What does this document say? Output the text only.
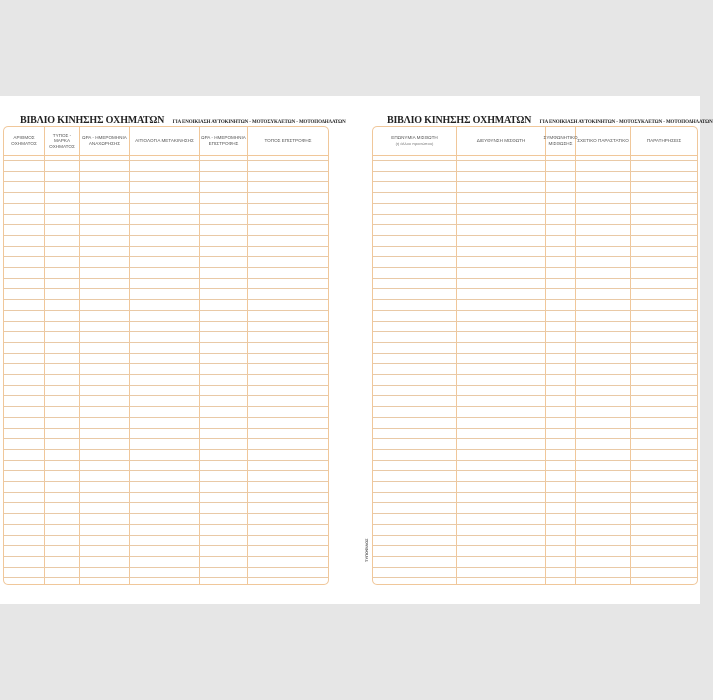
ΒΙΒΛΙΟ ΚΙΝΗΣΗΣ ΟΧΗΜΑΤΩΝ ΓΙΑ ΕΝΟΙΚΙΑΣΗ ΑΥΤΟΚΙΝΗΤΩΝ - ΜΟΤΟΣΥΚΛΕΤΩΝ - ΜΟΤΟΠΟΔΗΛΑΤΩΝ
ΑΡΙΘΜΟΣ
ΟΧΗΜΑΤΟΣ
ΤΥΠΟΣ - ΜΑΡΚΑ
ΟΧΗΜΑΤΟΣ
ΩΡΑ - ΗΜΕΡΟΜΗΝΙΑ
ΑΝΑΧΩΡΗΣΗΣ
ΑΙΤΙΟΛΟΓΙΑ ΜΕΤΑΚΙΝΗΣΗΣ
ΩΡΑ - ΗΜΕΡΟΜΗΝΙΑ
ΕΠΙΣΤΡΟΦΗΣ
ΤΟΠΟΣ ΕΠΙΣΤΡΟΦΗΣ
ΒΙΒΛΙΟ ΚΙΝΗΣΗΣ ΟΧΗΜΑΤΩΝ ΓΙΑ ΕΝΟΙΚΙΑΣΗ ΑΥΤΟΚΙΝΗΤΩΝ - ΜΟΤΟΣΥΚΛΕΤΩΝ - ΜΟΤΟΠΟΔΗΛΑΤΩΝ
ΕΠΩΝΥΜΙΑ ΜΙΣΘΩΤΗ
(ή άλλου προσώπου)
ΔΙΕΥΘΥΝΣΗ ΜΙΣΘΩΤΗ
ΣΥΜΦΩΝΗΤΙΚΟ
ΜΙΣΘΩΣΗΣ
ΣΧΕΤΙΚΟ ΠΑΡΑΣΤΑΤΙΚΟ	ΠΑΡΑΤΗΡΗΣΕΙΣ
ΤΥΠΟΦΙΛΟΣ
